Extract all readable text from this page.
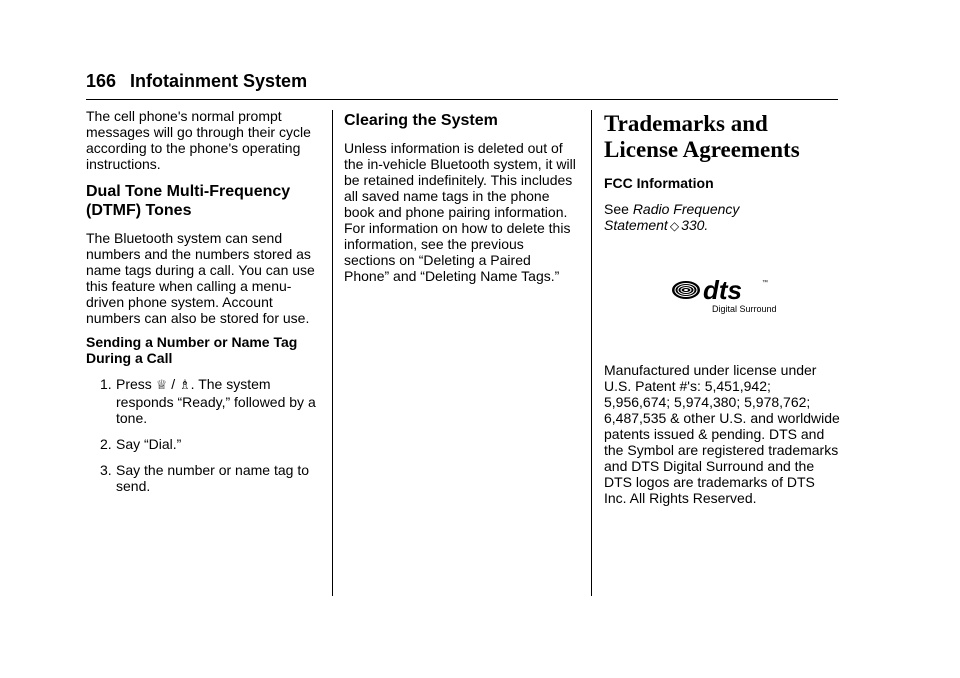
166 Infotainment System

The cell phone's normal prompt messages will go through their cycle according to the phone's operating instructions.

Dual Tone Multi-Frequency (DTMF) Tones

The Bluetooth system can send numbers and the numbers stored as name tags during a call. You can use this feature when calling a menu-driven phone system. Account numbers can also be stored for use.

Sending a Number or Name Tag During a Call
1. Press ♕ / ♗. The system responds “Ready,” followed by a tone.
2. Say “Dial.”
3. Say the number or name tag to send.
Clearing the System

Unless information is deleted out of the in-vehicle Bluetooth system, it will be retained indefinitely. This includes all saved name tags in the phone book and phone pairing information. For information on how to delete this information, see the previous sections on “Deleting a Paired Phone” and “Deleting Name Tags.”

Trademarks and License Agreements
FCC Information

See Radio Frequency Statement ◇ 330.

dts	™
Digital Surround

Manufactured under license under U.S. Patent #'s: 5,451,942; 5,956,674; 5,974,380; 5,978,762; 6,487,535 & other U.S. and worldwide patents issued & pending. DTS and the Symbol are registered trademarks and DTS Digital Surround and the DTS logos are trademarks of DTS Inc. All Rights Reserved.
